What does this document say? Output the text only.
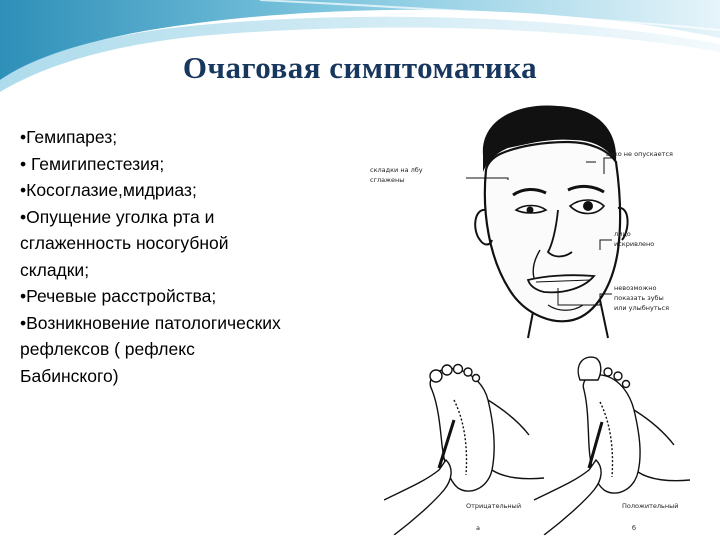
Очаговая симптоматика
•Гемипарез;
• Гемигипестезия;
•Косоглазие,мидриаз;
•Опущение уголка рта и
сглаженность носогубной
складки;
•Речевые расстройства;
•Возникновение патологических
рефлексов ( рефлекс
Бабинского)
складки на лбу сглажены
веко не опускается
лицо искривлено
невозможно показать зубы или улыбнуться
Отрицательный	Положительный
а	б
